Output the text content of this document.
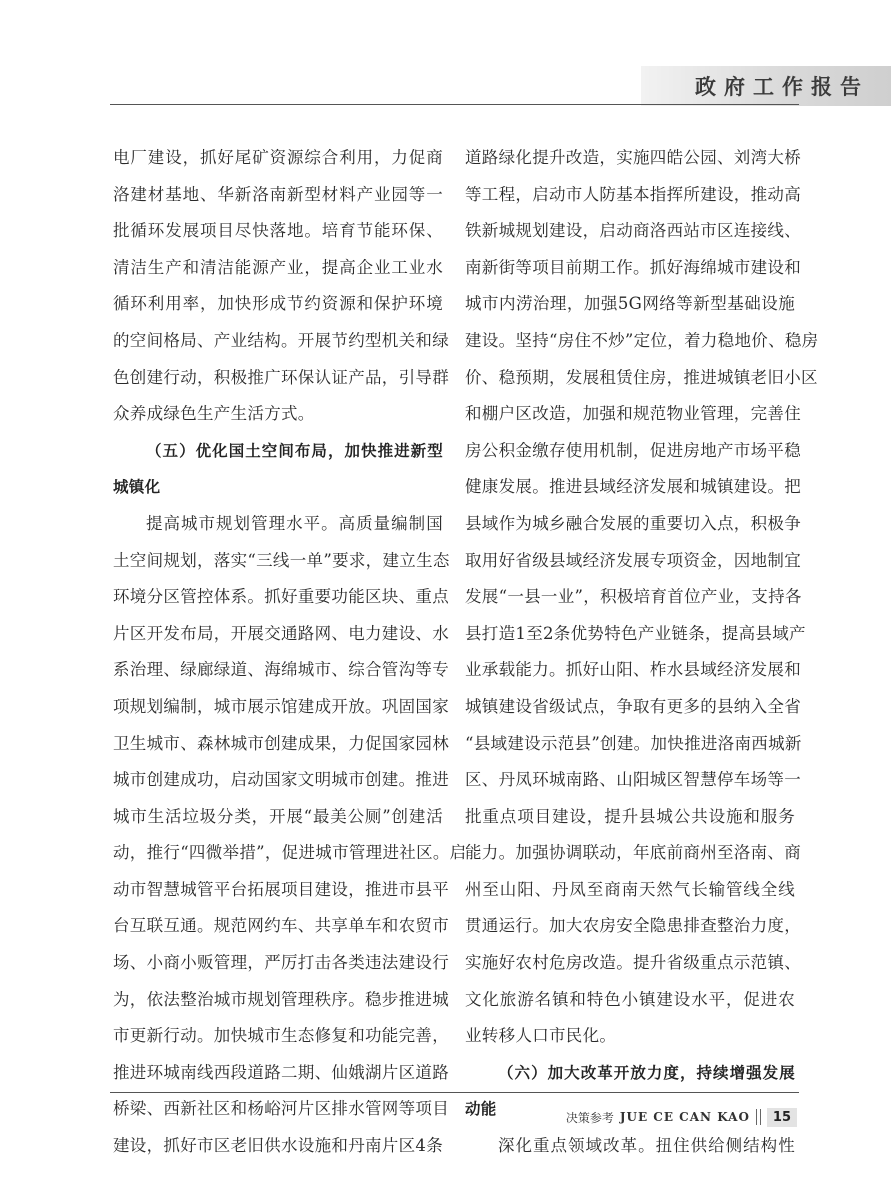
政府工作报告
电厂建设，抓好尾矿资源综合利用，力促商
洛建材基地、华新洛南新型材料产业园等一
批循环发展项目尽快落地。培育节能环保、
清洁生产和清洁能源产业，提高企业工业水
循环利用率，加快形成节约资源和保护环境
的空间格局、产业结构。开展节约型机关和绿
色创建行动，积极推广环保认证产品，引导群
众养成绿色生产生活方式。
（五）优化国土空间布局，加快推进新型
城镇化
提高城市规划管理水平。高质量编制国
土空间规划，落实“三线一单”要求，建立生态
环境分区管控体系。抓好重要功能区块、重点
片区开发布局，开展交通路网、电力建设、水
系治理、绿廊绿道、海绵城市、综合管沟等专
项规划编制，城市展示馆建成开放。巩固国家
卫生城市、森林城市创建成果，力促国家园林
城市创建成功，启动国家文明城市创建。推进
城市生活垃圾分类，开展“最美公厕”创建活
动，推行“四微举措”，促进城市管理进社区。启
动市智慧城管平台拓展项目建设，推进市县平
台互联互通。规范网约车、共享单车和农贸市
场、小商小贩管理，严厉打击各类违法建设行
为，依法整治城市规划管理秩序。稳步推进城
市更新行动。加快城市生态修复和功能完善，
推进环城南线西段道路二期、仙娥湖片区道路
桥梁、西新社区和杨峪河片区排水管网等项目
建设，抓好市区老旧供水设施和丹南片区4条
道路绿化提升改造，实施四皓公园、刘湾大桥
等工程，启动市人防基本指挥所建设，推动高
铁新城规划建设，启动商洛西站市区连接线、
南新街等项目前期工作。抓好海绵城市建设和
城市内涝治理，加强5G网络等新型基础设施
建设。坚持“房住不炒”定位，着力稳地价、稳房
价、稳预期，发展租赁住房，推进城镇老旧小区
和棚户区改造，加强和规范物业管理，完善住
房公积金缴存使用机制，促进房地产市场平稳
健康发展。推进县域经济发展和城镇建设。把
县域作为城乡融合发展的重要切入点，积极争
取用好省级县域经济发展专项资金，因地制宜
发展“一县一业”，积极培育首位产业，支持各
县打造1至2条优势特色产业链条，提高县域产
业承载能力。抓好山阳、柞水县域经济发展和
城镇建设省级试点，争取有更多的县纳入全省
“县域建设示范县”创建。加快推进洛南西城新
区、丹凤环城南路、山阳城区智慧停车场等一
批重点项目建设，提升县城公共设施和服务
能力。加强协调联动，年底前商州至洛南、商
州至山阳、丹凤至商南天然气长输管线全线
贯通运行。加大农房安全隐患排查整治力度，
实施好农村危房改造。提升省级重点示范镇、
文化旅游名镇和特色小镇建设水平，促进农
业转移人口市民化。
（六）加大改革开放力度，持续增强发展
动能
深化重点领域改革。扭住供给侧结构性
决策参考 JUE CE CAN KAO	15
